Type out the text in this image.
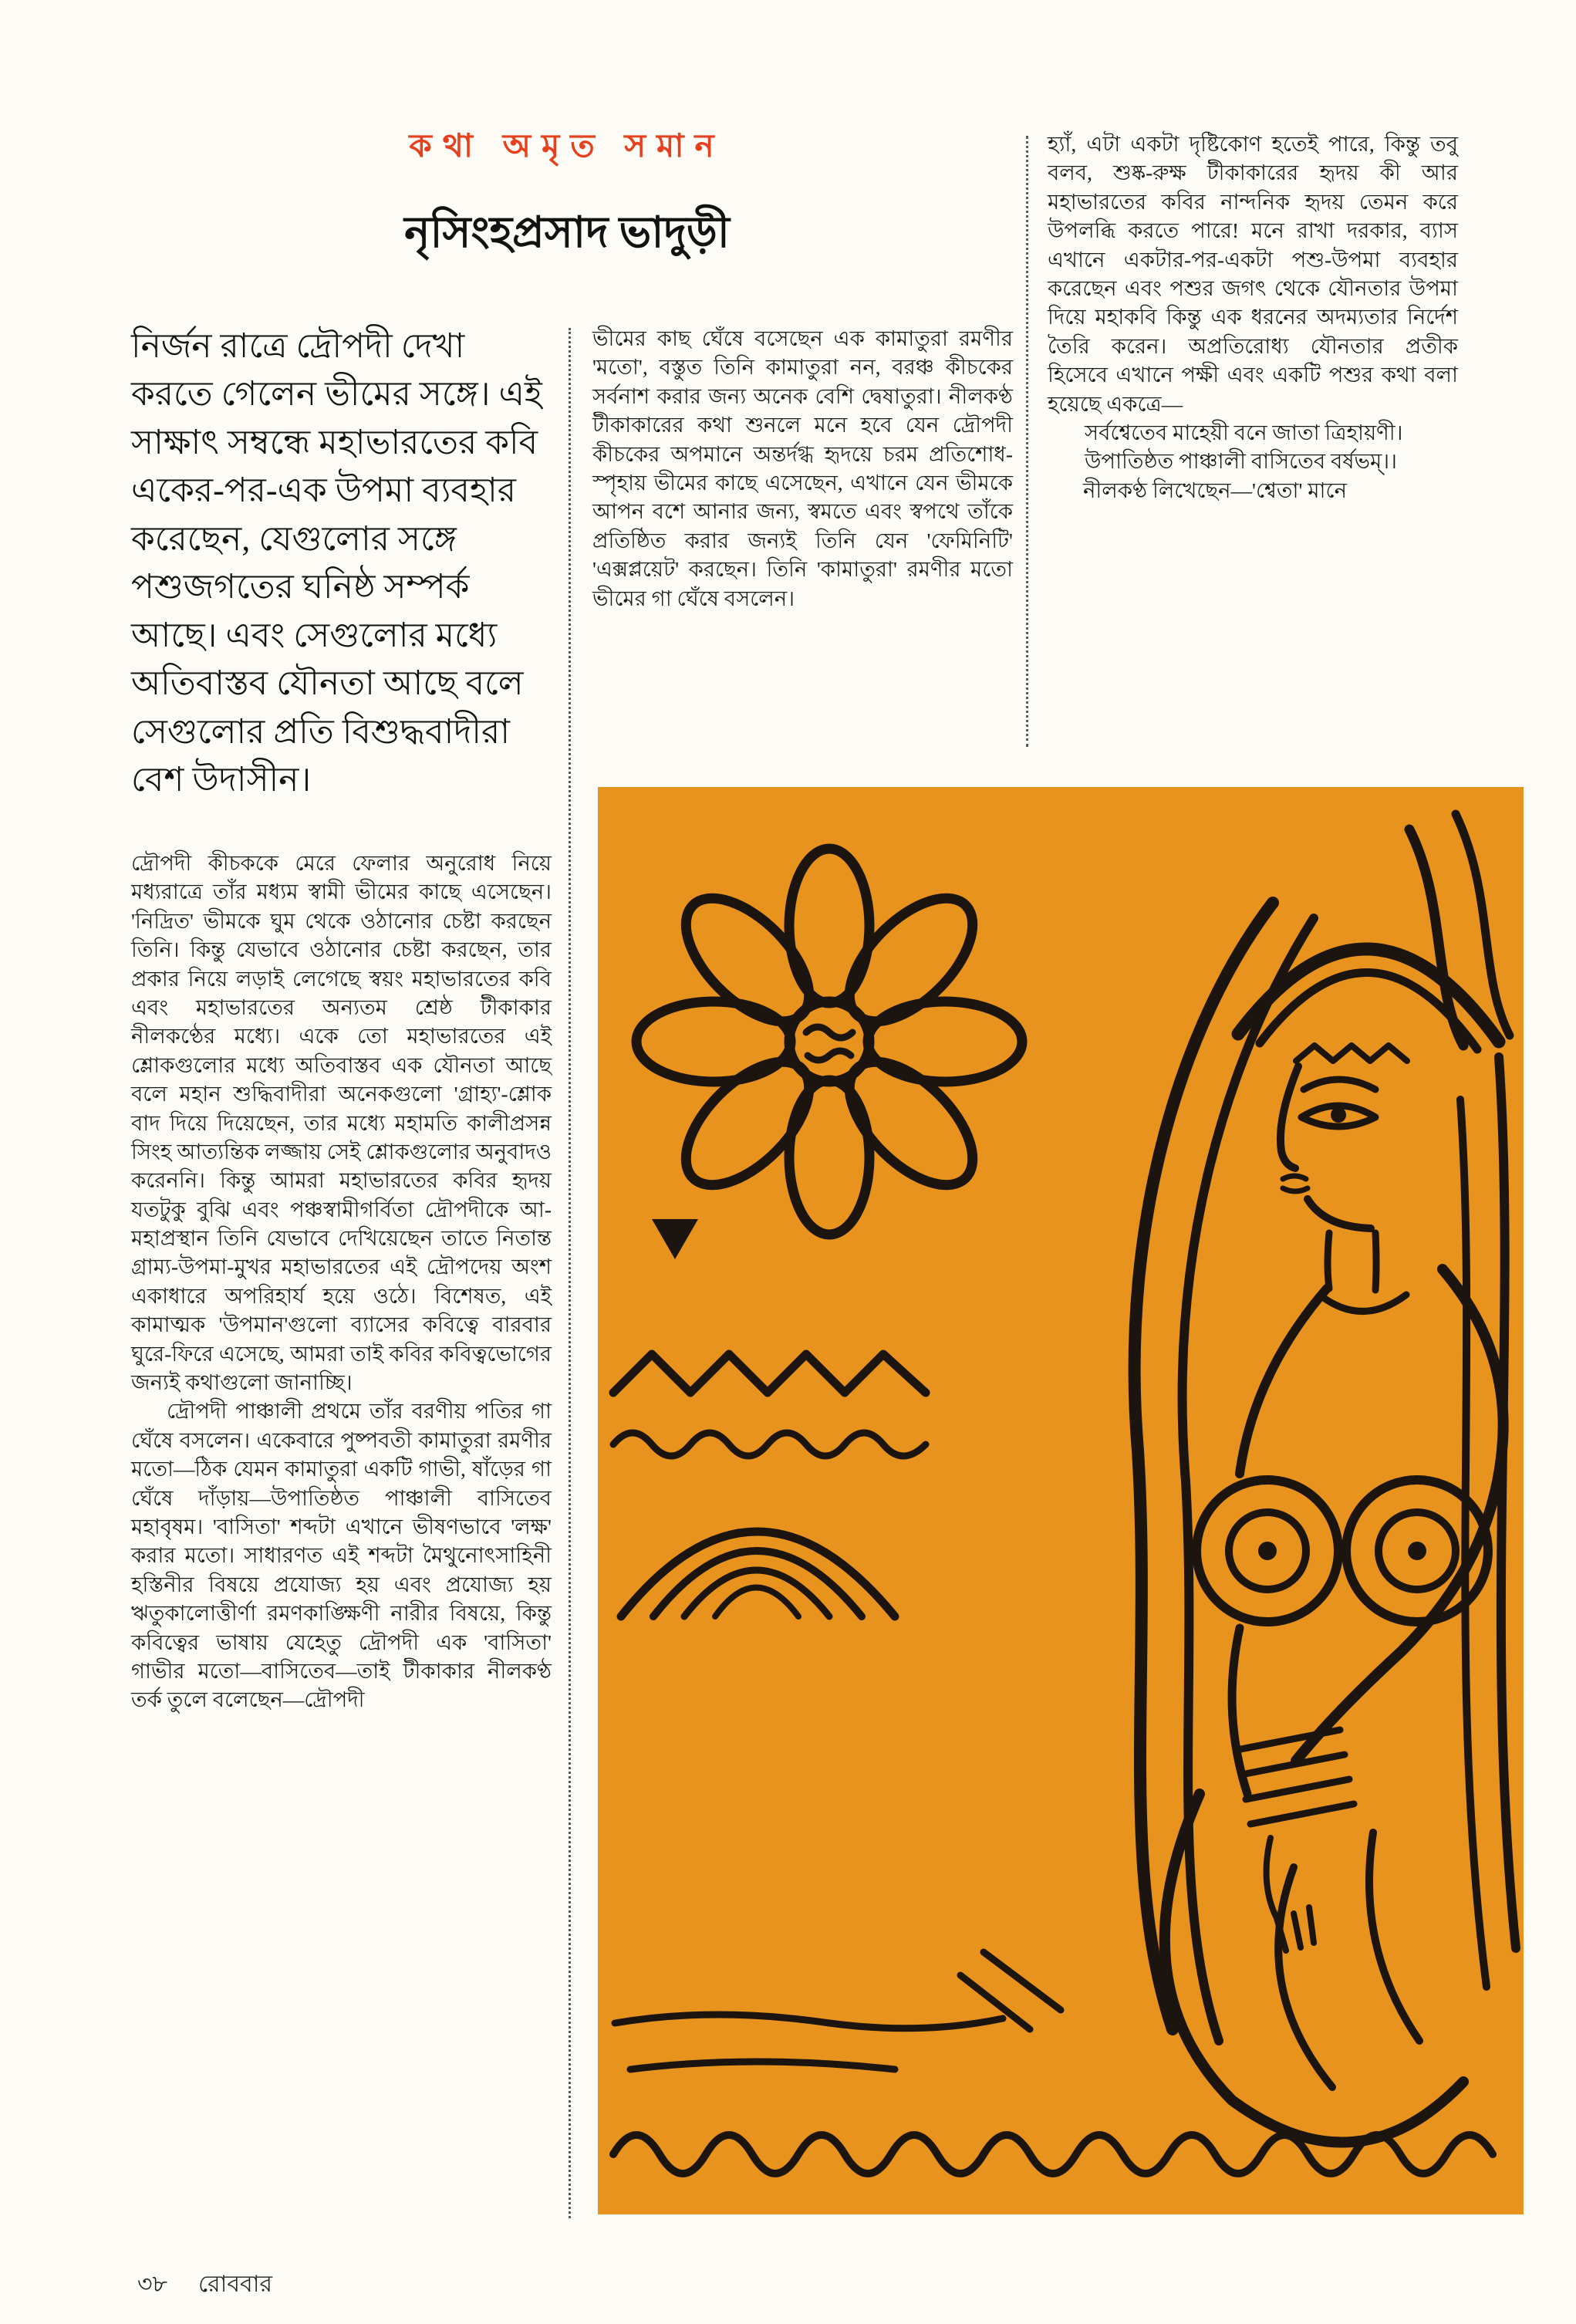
কথা অমৃত সমান
নৃসিংহপ্রসাদ ভাদুড়ী
নির্জন রাত্রে দ্রৌপদী দেখা করতে গেলেন ভীমের সঙ্গে। এই সাক্ষাৎ সম্বন্ধে মহাভারতের কবি একের-পর-এক উপমা ব্যবহার করেছেন, যেগুলোর সঙ্গে পশুজগতের ঘনিষ্ঠ সম্পর্ক আছে। এবং সেগুলোর মধ্যে অতিবাস্তব যৌনতা আছে বলে সেগুলোর প্রতি বিশুদ্ধবাদীরা বেশ উদাসীন।

দ্রৌপদী কীচককে মেরে ফেলার অনুরোধ নিয়ে মধ্যরাত্রে তাঁর মধ্যম স্বামী ভীমের কাছে এসেছেন। 'নিদ্রিত' ভীমকে ঘুম থেকে ওঠানোর চেষ্টা করছেন তিনি। কিন্তু যেভাবে ওঠানোর চেষ্টা করছেন, তার প্রকার নিয়ে লড়াই লেগেছে স্বয়ং মহাভারতের কবি এবং মহাভারতের অন্যতম শ্রেষ্ঠ টীকাকার নীলকণ্ঠের মধ্যে। একে তো মহাভারতের এই শ্লোকগুলোর মধ্যে অতিবাস্তব এক যৌনতা আছে বলে মহান শুদ্ধিবাদীরা অনেকগুলো 'গ্রাহ্য'-শ্লোক বাদ দিয়ে দিয়েছেন, তার মধ্যে মহামতি কালীপ্রসন্ন সিংহ আত্যন্তিক লজ্জায় সেই শ্লোকগুলোর অনুবাদও করেননি। কিন্তু আমরা মহাভারতের কবির হৃদয় যতটুকু বুঝি এবং পঞ্চস্বামীগর্বিতা দ্রৌপদীকে আ-মহাপ্রস্থান তিনি যেভাবে দেখিয়েছেন তাতে নিতান্ত গ্রাম্য-উপমা-মুখর মহাভারতের এই দ্রৌপদেয় অংশ একাধারে অপরিহার্য হয়ে ওঠে। বিশেষত, এই কামাত্মক 'উপমান'গুলো ব্যাসের কবিত্বে বারবার ঘুরে-ফিরে এসেছে, আমরা তাই কবির কবিত্বভোগের জন্যই কথাগুলো জানাচ্ছি।

দ্রৌপদী পাঞ্চালী প্রথমে তাঁর বরণীয় পতির গা ঘেঁষে বসলেন। একেবারে পুষ্পবতী কামাতুরা রমণীর মতো—ঠিক যেমন কামাতুরা একটি গাভী, ষাঁড়ের গা ঘেঁষে দাঁড়ায়—উপাতিষ্ঠত পাঞ্চালী বাসিতেব মহাবৃষম। 'বাসিতা' শব্দটা এখানে ভীষণভাবে 'লক্ষ' করার মতো। সাধারণত এই শব্দটা মৈথুনোৎসাহিনী হস্তিনীর বিষয়ে প্রযোজ্য হয় এবং প্রযোজ্য হয় ঋতুকালোত্তীর্ণা রমণকাঙ্ক্ষিণী নারীর বিষয়ে, কিন্তু কবিত্বের ভাষায় যেহেতু দ্রৌপদী এক 'বাসিতা' গাভীর মতো—বাসিতেব—তাই টীকাকার নীলকণ্ঠ তর্ক তুলে বলেছেন—দ্রৌপদী

ভীমের কাছ ঘেঁষে বসেছেন এক কামাতুরা রমণীর 'মতো', বস্তুত তিনি কামাতুরা নন, বরঞ্চ কীচকের সর্বনাশ করার জন্য অনেক বেশি দ্বেষাতুরা। নীলকণ্ঠ টীকাকারের কথা শুনলে মনে হবে যেন দ্রৌপদী কীচকের অপমানে অন্তর্দগ্ধ হৃদয়ে চরম প্রতিশোধ-স্পৃহায় ভীমের কাছে এসেছেন, এখানে যেন ভীমকে আপন বশে আনার জন্য, স্বমতে এবং স্বপথে তাঁকে প্রতিষ্ঠিত করার জন্যই তিনি যেন 'ফেমিনিটি' 'এক্সপ্লয়েট' করছেন। তিনি 'কামাতুরা' রমণীর মতো ভীমের গা ঘেঁষে বসলেন।

হ্যাঁ, এটা একটা দৃষ্টিকোণ হতেই পারে, কিন্তু তবু বলব, শুষ্ক-রুক্ষ টীকাকারের হৃদয় কী আর মহাভারতের কবির নান্দনিক হৃদয় তেমন করে উপলব্ধি করতে পারে! মনে রাখা দরকার, ব্যাস এখানে একটার-পর-একটা পশু-উপমা ব্যবহার করেছেন এবং পশুর জগৎ থেকে যৌনতার উপমা দিয়ে মহাকবি কিন্তু এক ধরনের অদম্যতার নির্দেশ তৈরি করেন। অপ্রতিরোধ্য যৌনতার প্রতীক হিসেবে এখানে পক্ষী এবং একটি পশুর কথা বলা হয়েছে একত্রে—

সর্বশ্বেতেব মাহেয়ী বনে জাতা ত্রিহায়ণী।

উপাতিষ্ঠত পাঞ্চালী বাসিতেব বর্ষভম্।।

নীলকণ্ঠ লিখেছেন—'শ্বেতা' মানে

৩৮ রোববার
